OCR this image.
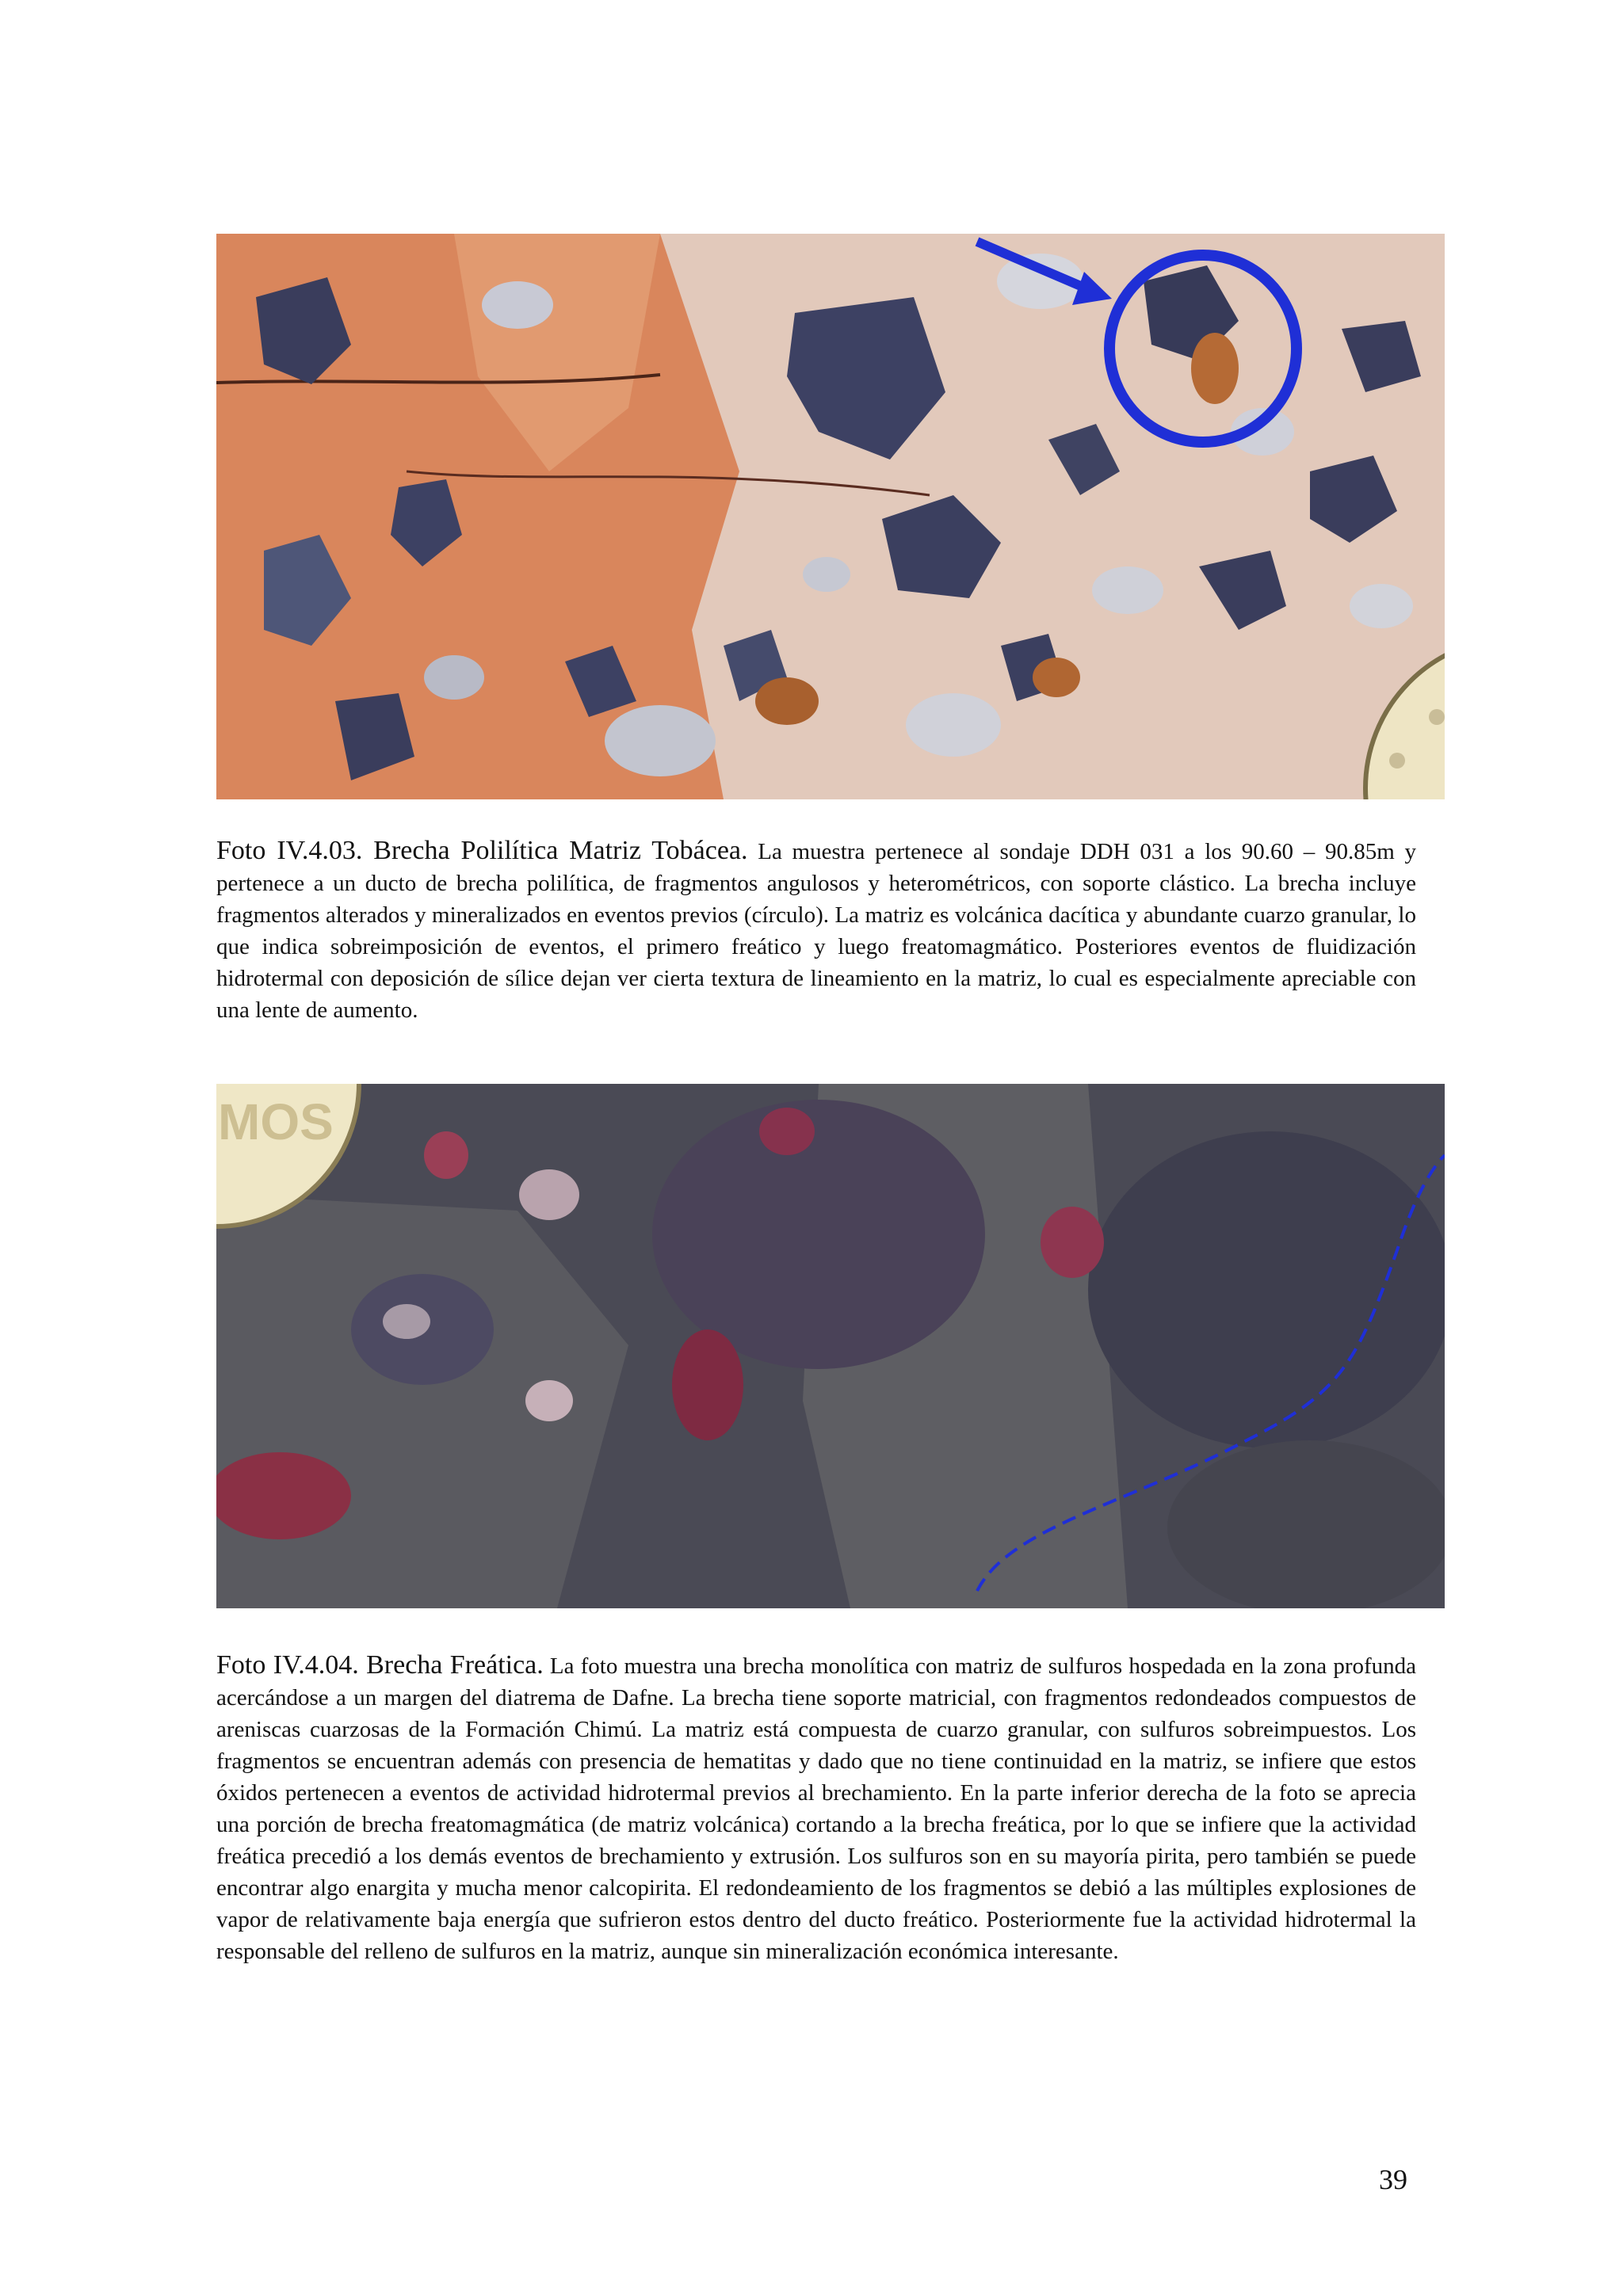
Foto IV.4.03. Brecha Polilítica Matriz Tobácea. La muestra pertenece al sondaje DDH 031 a los 90.60 – 90.85m y pertenece a un ducto de brecha polilítica, de fragmentos angulosos y heterométricos, con soporte clástico. La brecha incluye fragmentos alterados y mineralizados en eventos previos (círculo). La matriz es volcánica dacítica y abundante cuarzo granular, lo que indica sobreimposición de eventos, el primero freático y luego freatomagmático. Posteriores eventos de fluidización hidrotermal con deposición de sílice dejan ver cierta textura de lineamiento en la matriz, lo cual es especialmente apreciable con una lente de aumento.

MOS

Foto IV.4.04. Brecha Freática. La foto muestra una brecha monolítica con matriz de sulfuros hospedada en la zona profunda acercándose a un margen del diatrema de Dafne. La brecha tiene soporte matricial, con fragmentos redondeados compuestos de areniscas cuarzosas de la Formación Chimú. La matriz está compuesta de cuarzo granular, con sulfuros sobreimpuestos. Los fragmentos se encuentran además con presencia de hematitas y dado que no tiene continuidad en la matriz, se infiere que estos óxidos pertenecen a eventos de actividad hidrotermal previos al brechamiento. En la parte inferior derecha de la foto se aprecia una porción de brecha freatomagmática (de matriz volcánica) cortando a la brecha freática, por lo que se infiere que la actividad freática precedió a los demás eventos de brechamiento y extrusión. Los sulfuros son en su mayoría pirita, pero también se puede encontrar algo enargita y mucha menor calcopirita. El redondeamiento de los fragmentos se debió a las múltiples explosiones de vapor de relativamente baja energía que sufrieron estos dentro del ducto freático. Posteriormente fue la actividad hidrotermal la responsable del relleno de sulfuros en la matriz, aunque sin mineralización económica interesante.

39
